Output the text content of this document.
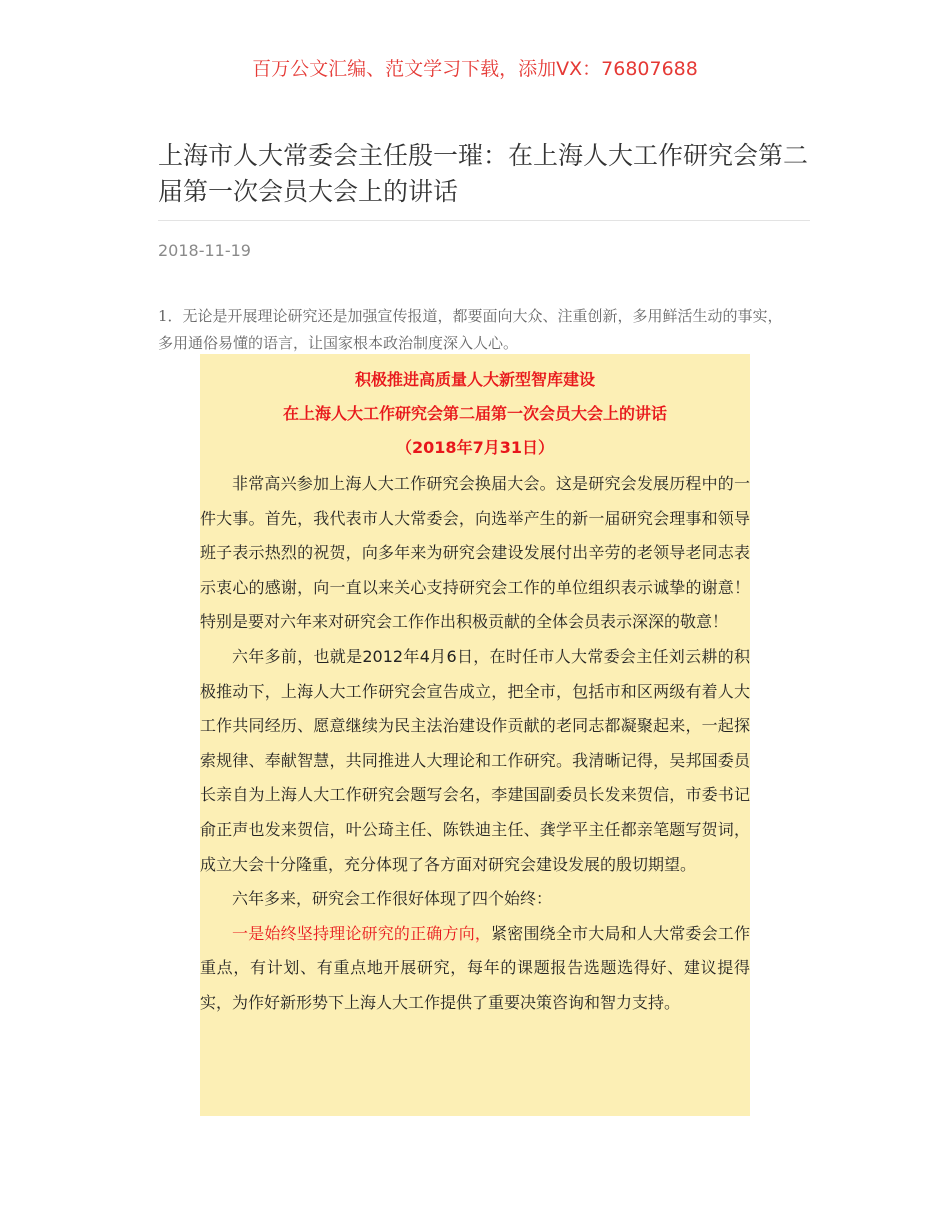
百万公文汇编、范文学习下载，添加VX：76807688
上海市人大常委会主任殷一璀：在上海人大工作研究会第二届第一次会员大会上的讲话
2018-11-19

1．无论是开展理论研究还是加强宣传报道，都要面向大众、注重创新，多用鲜活生动的事实，多用通俗易懂的语言，让国家根本政治制度深入人心。

积极推进高质量人大新型智库建设
在上海人大工作研究会第二届第一次会员大会上的讲话
（2018年7月31日）

非常高兴参加上海人大工作研究会换届大会。这是研究会发展历程中的一件大事。首先，我代表市人大常委会，向选举产生的新一届研究会理事和领导班子表示热烈的祝贺，向多年来为研究会建设发展付出辛劳的老领导老同志表示衷心的感谢，向一直以来关心支持研究会工作的单位组织表示诚挚的谢意！特别是要对六年来对研究会工作作出积极贡献的全体会员表示深深的敬意！

六年多前，也就是2012年4月6日，在时任市人大常委会主任刘云耕的积极推动下，上海人大工作研究会宣告成立，把全市，包括市和区两级有着人大工作共同经历、愿意继续为民主法治建设作贡献的老同志都凝聚起来，一起探索规律、奉献智慧，共同推进人大理论和工作研究。我清晰记得，吴邦国委员长亲自为上海人大工作研究会题写会名，李建国副委员长发来贺信，市委书记俞正声也发来贺信，叶公琦主任、陈铁迪主任、龚学平主任都亲笔题写贺词，成立大会十分隆重，充分体现了各方面对研究会建设发展的殷切期望。

六年多来，研究会工作很好体现了四个始终：

一是始终坚持理论研究的正确方向，紧密围绕全市大局和人大常委会工作重点，有计划、有重点地开展研究，每年的课题报告选题选得好、建议提得实，为作好新形势下上海人大工作提供了重要决策咨询和智力支持。
